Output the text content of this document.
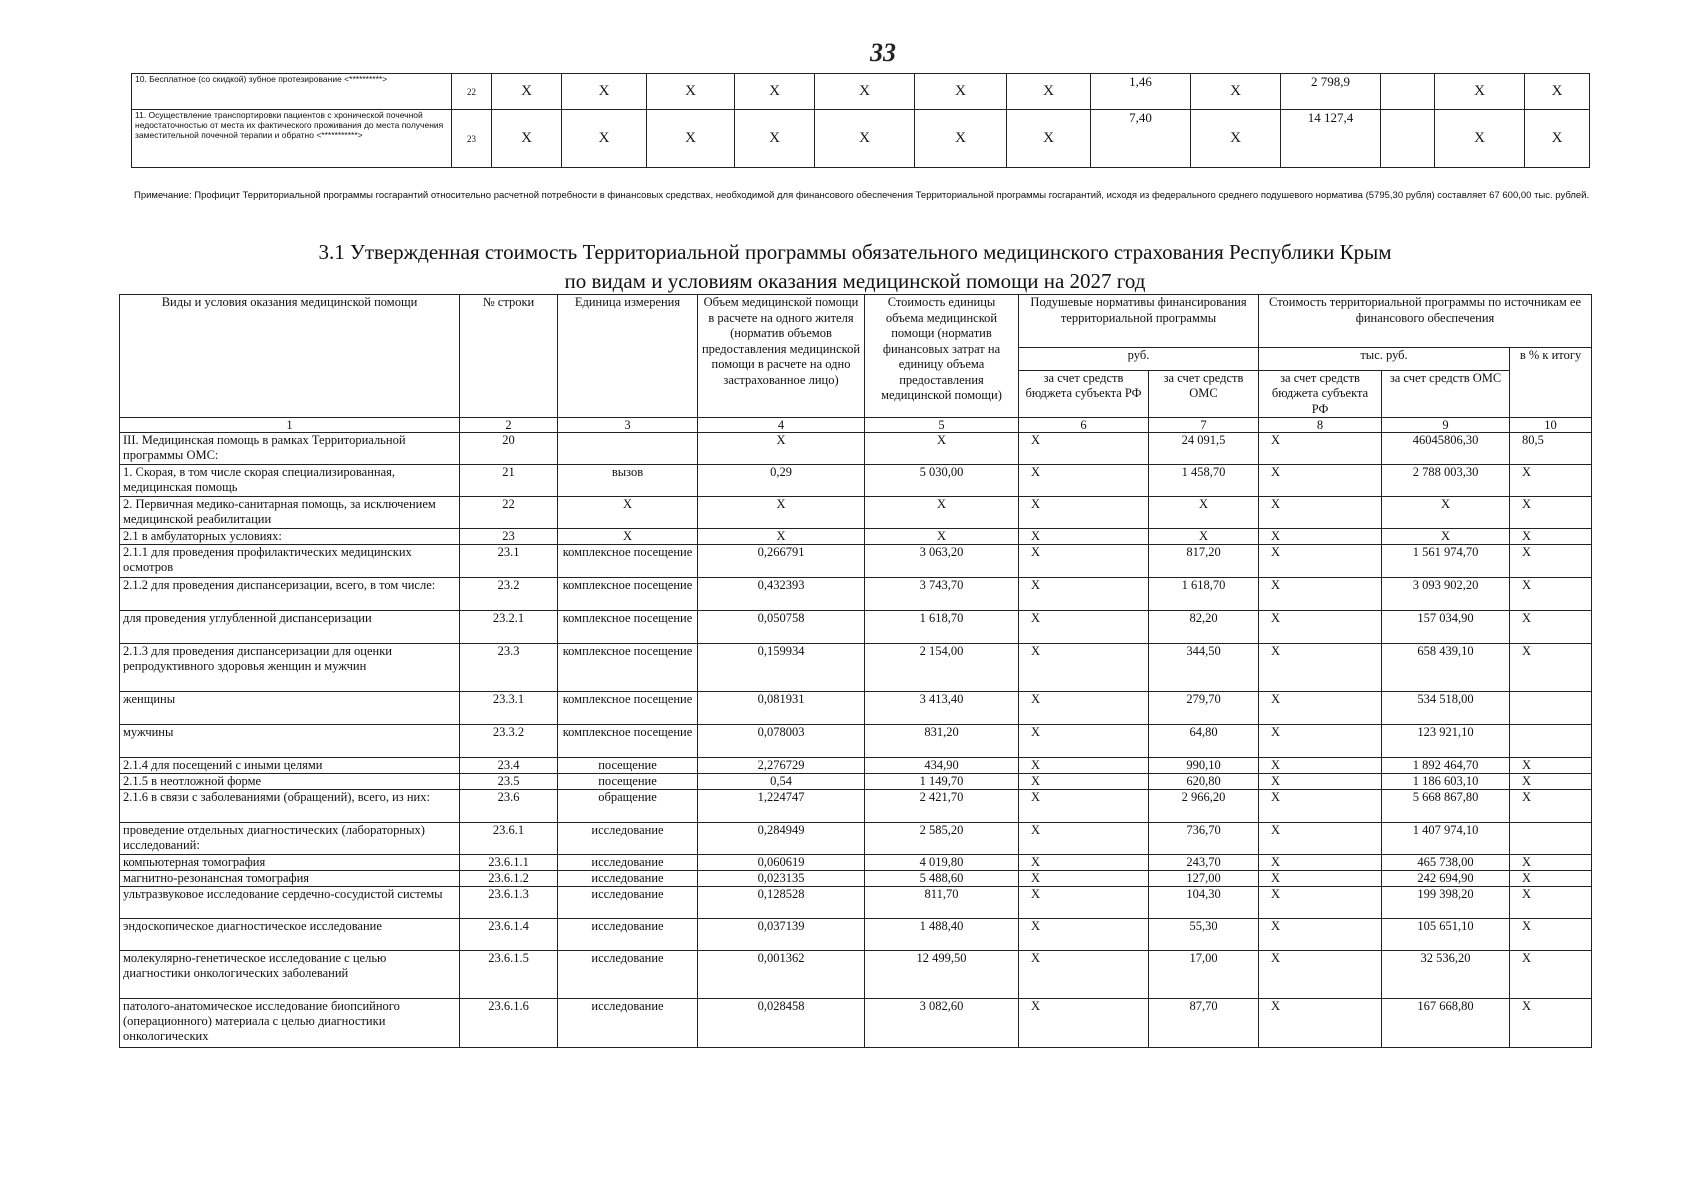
33
10. Бесплатное (со скидкой) зубное протезирование <**********>	22	X	X	X	X	X	X	X	1,46	X	2 798,9		X	X
11. Осуществление транспортировки пациентов с хронической почечной недостаточностью от места их фактического проживания до места получения заместительной почечной терапии и обратно <***********>	23	X	X	X	X	X	X	X	7,40	X	14 127,4		X	X
Примечание: Профицит Территориальной программы госгарантий относительно расчетной потребности в финансовых средствах, необходимой для финансового обеспечения Территориальной программы госгарантий, исходя из федерального среднего подушевого норматива (5795,30 рубля) составляет 67 600,00 тыс. рублей.
3.1 Утвержденная стоимость Территориальной программы обязательного медицинского страхования Республики Крым
по видам и условиям оказания медицинской помощи на 2027 год
Виды и условия оказания медицинской помощи	№ строки	Единица измерения	Объем медицинской помощи в расчете на одного жителя (норматив объемов предоставления медицинской помощи в расчете на одно застрахованное лицо)	Стоимость единицы объема медицинской помощи (норматив финансовых затрат на единицу объема предоставления медицинской помощи)	Подушевые нормативы финансирования территориальной программы		Стоимость территориальной программы по источникам ее финансового обеспечения		
					руб.		тыс. руб.		в % к итогу
					за счет средств бюджета субъекта РФ	за счет средств ОМС	за счет средств бюджета субъекта РФ	за счет средств ОМС	
1	2	3	4	5	6	7	8	9	10
III. Медицинская помощь в рамках Территориальной программы ОМС:	20		X	X	X	24 091,5	X	46045806,30	80,5
1. Скорая, в том числе скорая специализированная, медицинская помощь	21	вызов	0,29	5 030,00	X	1 458,70	X	2 788 003,30	X
2. Первичная медико-санитарная помощь, за исключением медицинской реабилитации	22	X	X	X	X	X	X	X	X
2.1 в амбулаторных условиях:	23	X	X	X	X	X	X	X	X
2.1.1 для проведения профилактических медицинских осмотров	23.1	комплексное посещение	0,266791	3 063,20	X	817,20	X	1 561 974,70	X
2.1.2 для проведения диспансеризации, всего, в том числе:	23.2	комплексное посещение	0,432393	3 743,70	X	1 618,70	X	3 093 902,20	X
для проведения углубленной диспансеризации	23.2.1	комплексное посещение	0,050758	1 618,70	X	82,20	X	157 034,90	X
2.1.3 для проведения диспансеризации для оценки репродуктивного здоровья женщин и мужчин	23.3	комплексное посещение	0,159934	2 154,00	X	344,50	X	658 439,10	X
женщины	23.3.1	комплексное посещение	0,081931	3 413,40	X	279,70	X	534 518,00	
мужчины	23.3.2	комплексное посещение	0,078003	831,20	X	64,80	X	123 921,10	
2.1.4 для посещений с иными целями	23.4	посещение	2,276729	434,90	X	990,10	X	1 892 464,70	X
2.1.5 в неотложной форме	23.5	посещение	0,54	1 149,70	X	620,80	X	1 186 603,10	X
2.1.6 в связи с заболеваниями (обращений), всего, из них:	23.6	обращение	1,224747	2 421,70	X	2 966,20	X	5 668 867,80	X
проведение отдельных диагностических (лабораторных) исследований:	23.6.1	исследование	0,284949	2 585,20	X	736,70	X	1 407 974,10	
компьютерная томография	23.6.1.1	исследование	0,060619	4 019,80	X	243,70	X	465 738,00	X
магнитно-резонансная томография	23.6.1.2	исследование	0,023135	5 488,60	X	127,00	X	242 694,90	X
ультразвуковое исследование сердечно-сосудистой системы	23.6.1.3	исследование	0,128528	811,70	X	104,30	X	199 398,20	X
эндоскопическое диагностическое исследование	23.6.1.4	исследование	0,037139	1 488,40	X	55,30	X	105 651,10	X
молекулярно-генетическое исследование с целью диагностики онкологических заболеваний	23.6.1.5	исследование	0,001362	12 499,50	X	17,00	X	32 536,20	X
патолого-анатомическое исследование биопсийного (операционного) материала с целью диагностики онкологических	23.6.1.6	исследование	0,028458	3 082,60	X	87,70	X	167 668,80	X
